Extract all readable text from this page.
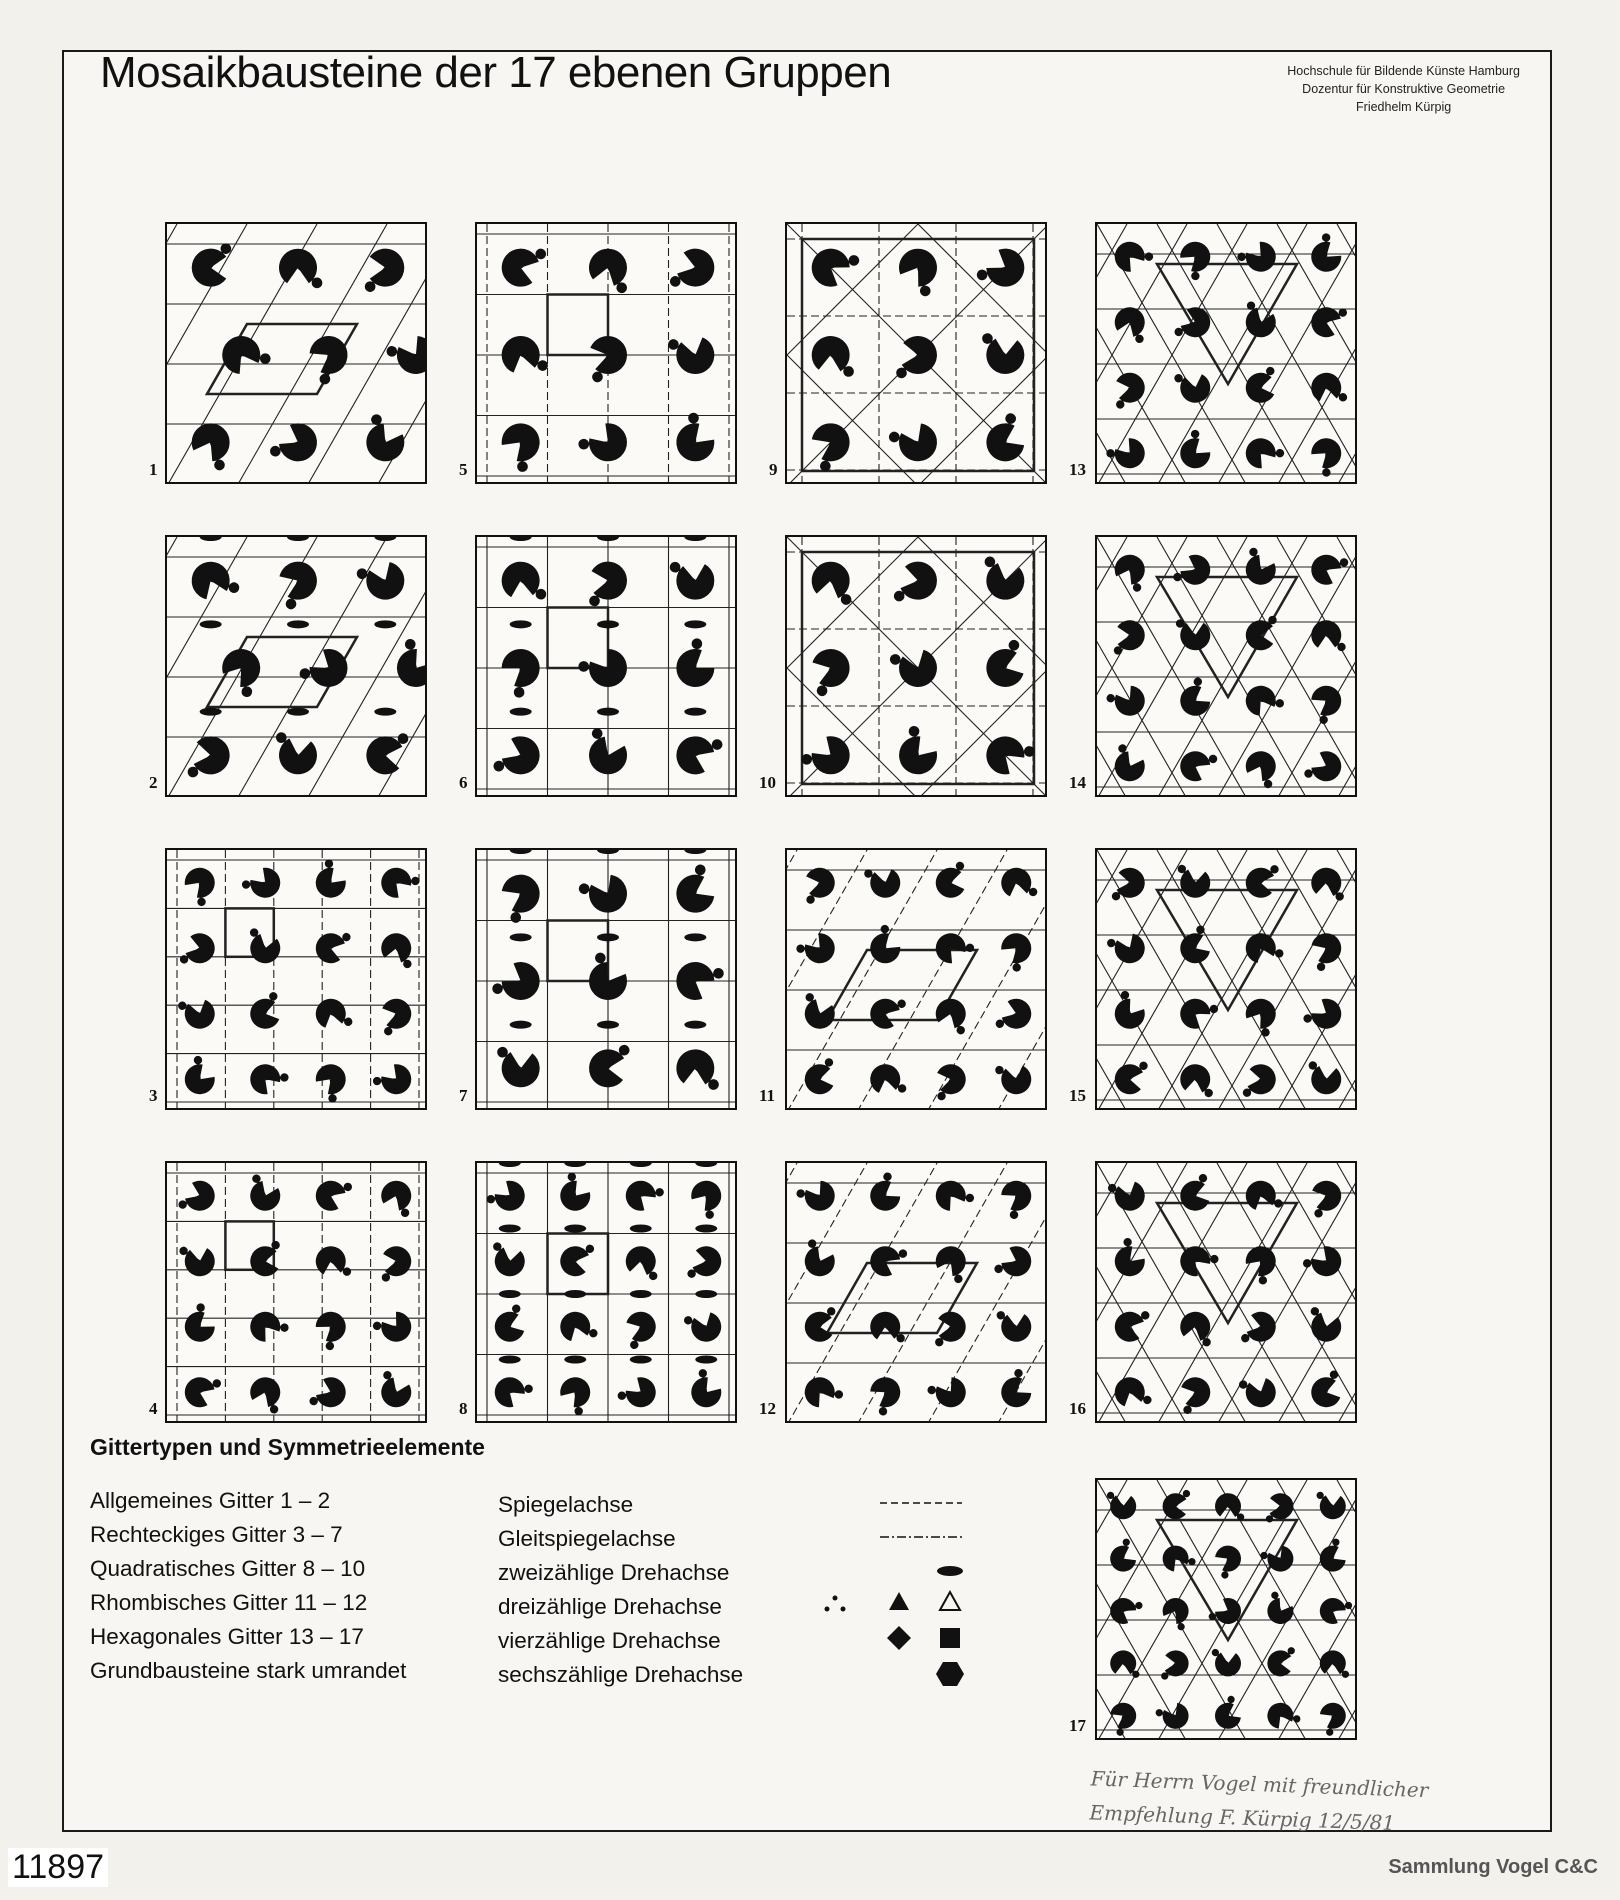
Mosaikbausteine der 17 ebenen Gruppen	Hochschule für Bildende Künste Hamburg
Dozentur für Konstruktive Geometrie
Friedhelm Kürpig
1	5	9	13
2	6	10	14
3	7	11	15
4	8	12	16
17
Gittertypen und Symmetrieelemente
Allgemeines Gitter 1 – 2
Rechteckiges Gitter 3 – 7
Quadratisches Gitter 8 – 10
Rhombisches Gitter 11 – 12
Hexagonales Gitter 13 – 17
Grundbausteine stark umrandet
Spiegelachse
Gleitspiegelachse
zweizählige Drehachse
dreizählige Drehachse
vierzählige Drehachse
sechszählige Drehachse
Für Herrn Vogel mit freundlicher
Empfehlung F. Kürpig 12/5/81
11897	Sammlung Vogel C&C
